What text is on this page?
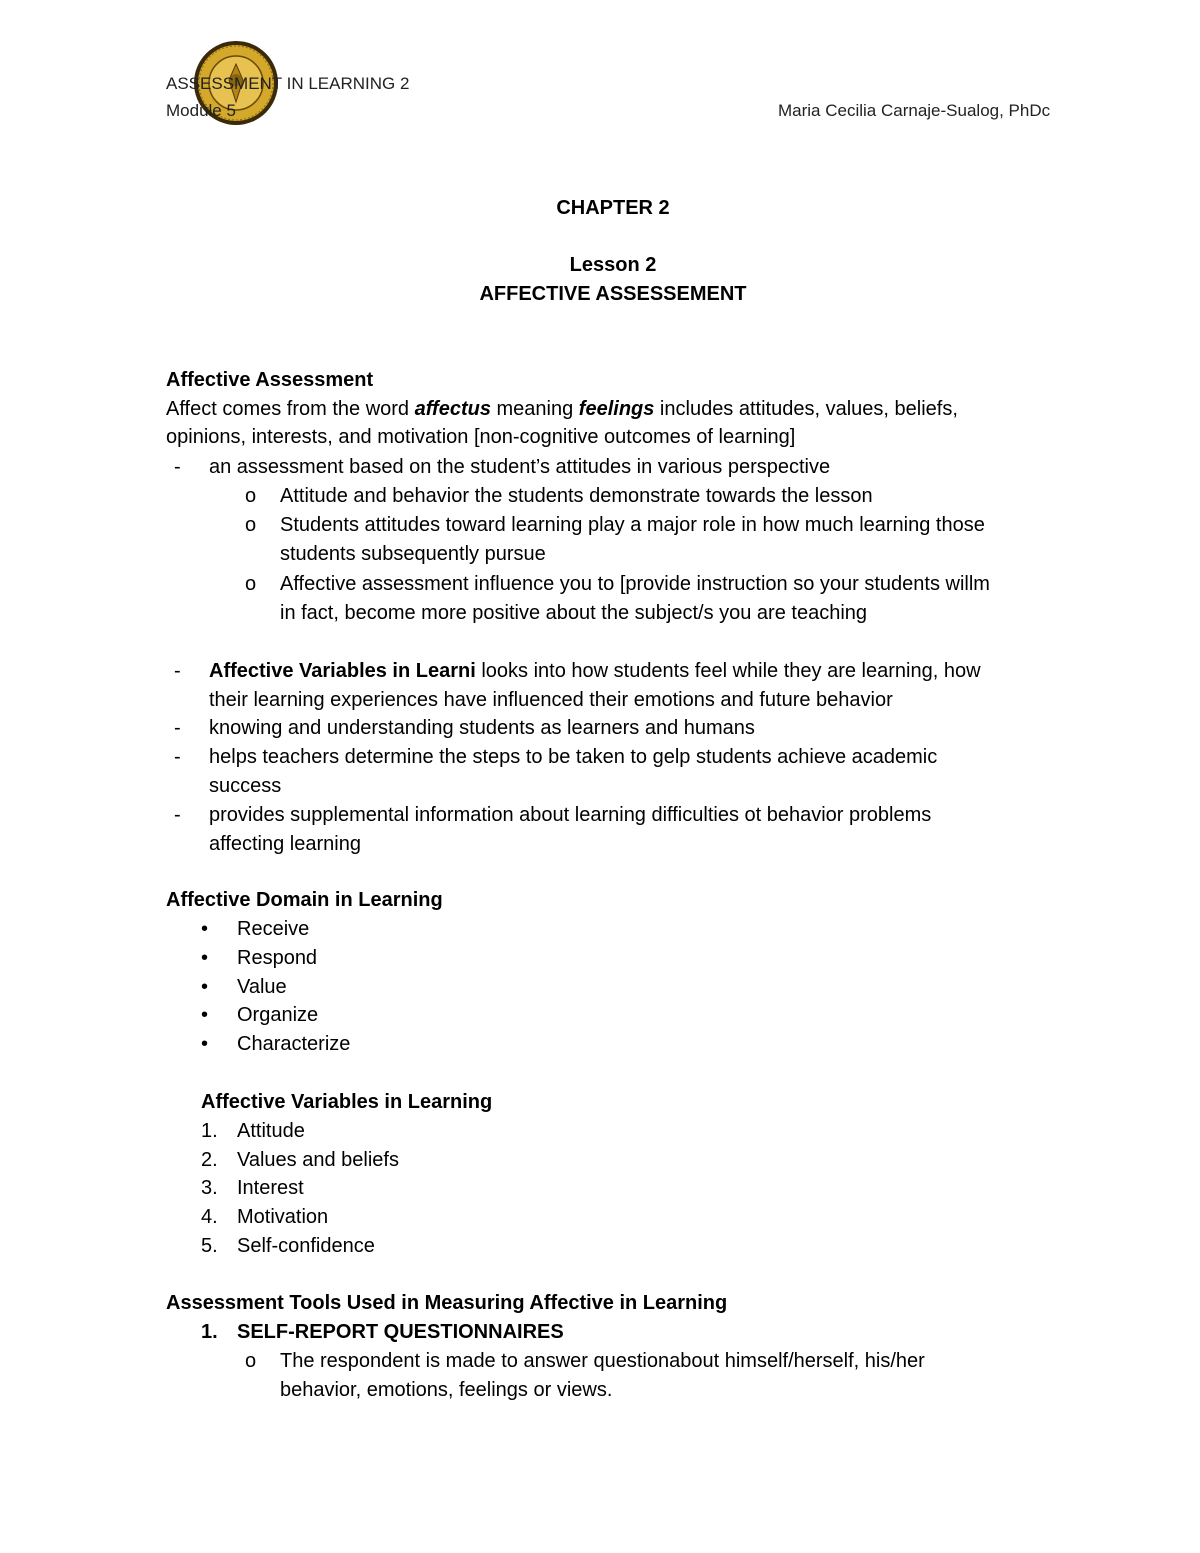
ASSESSMENT IN LEARNING 2
Module 5	Maria Cecilia Carnaje-Sualog, PhDc
CHAPTER 2
Lesson 2
AFFECTIVE ASSESSEMENT
Affective Assessment
Affect comes from the word affectus meaning feelings includes attitudes, values, beliefs,
opinions, interests, and motivation [non-cognitive outcomes of learning]
- an assessment based on the student’s attitudes in various perspective
o Attitude and behavior the students demonstrate towards the lesson
o Students attitudes toward learning play a major role in how much learning those
students subsequently pursue
o Affective assessment influence you to [provide instruction so your students willm
in fact, become more positive about the subject/s you are teaching
- Affective Variables in Learni looks into how students feel while they are learning, how
their learning experiences have influenced their emotions and future behavior
- knowing and understanding students as learners and humans
- helps teachers determine the steps to be taken to gelp students achieve academic
success
- provides supplemental information about learning difficulties ot behavior problems
affecting learning
Affective Domain in Learning
• Receive
• Respond
• Value
• Organize
• Characterize
Affective Variables in Learning
1. Attitude
2. Values and beliefs
3. Interest
4. Motivation
5. Self-confidence
Assessment Tools Used in Measuring Affective in Learning
1. SELF-REPORT QUESTIONNAIRES
o The respondent is made to answer questionabout himself/herself, his/her
behavior, emotions, feelings or views.
